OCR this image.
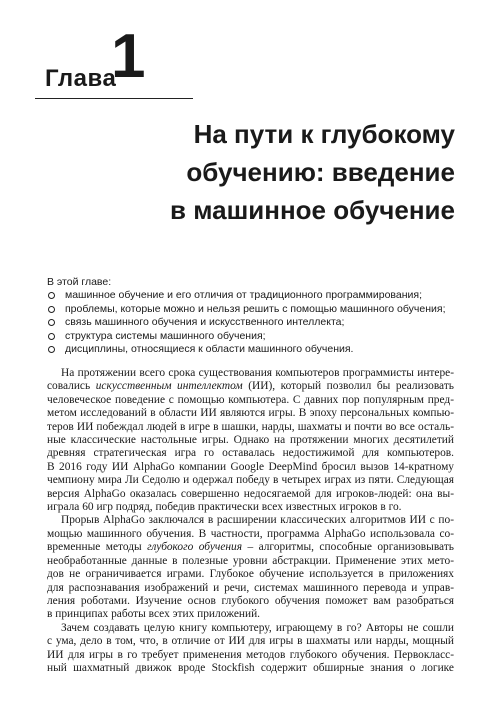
Глава
1
На пути к глубокому
обучению: введение
в машинное обучение
В этой главе:
машинное обучение и его отличия от традиционного программирования;
проблемы, которые можно и нельзя решить с помощью машинного обучения;
связь машинного обучения и искусственного интеллекта;
структура системы машинного обучения;
дисциплины, относящиеся к области машинного обучения.

На протяжении всего срока существования компьютеров программисты интере-
совались искусственным интеллектом (ИИ), который позволил бы реализовать
человеческое поведение с помощью компьютера. С давних пор популярным пред-
метом исследований в области ИИ являются игры. В эпоху персональных компью-
теров ИИ побеждал людей в игре в шашки, нарды, шахматы и почти во все осталь-
ные классические настольные игры. Однако на протяжении многих десятилетий
древняя стратегическая игра го оставалась недостижимой для компьютеров.
В 2016 году ИИ AlphaGo компании Google DeepMind бросил вызов 14-кратному
чемпиону мира Ли Седолю и одержал победу в четырех играх из пяти. Следующая
версия AlphaGo оказалась совершенно недосягаемой для игроков-людей: она вы-
играла 60 игр подряд, победив практически всех известных игроков в го.

Прорыв AlphaGo заключался в расширении классических алгоритмов ИИ с по-
мощью машинного обучения. В частности, программа AlphaGo использовала со-
временные методы глубокого обучения – алгоритмы, способные организовывать
необработанные данные в полезные уровни абстракции. Применение этих мето-
дов не ограничивается играми. Глубокое обучение используется в приложениях
для распознавания изображений и речи, системах машинного перевода и управ-
ления роботами. Изучение основ глубокого обучения поможет вам разобраться
в принципах работы всех этих приложений.

Зачем создавать целую книгу компьютеру, играющему в го? Авторы не сошли
с ума, дело в том, что, в отличие от ИИ для игры в шахматы или нарды, мощный
ИИ для игры в го требует применения методов глубокого обучения. Первокласс-
ный шахматный движок вроде Stockfish содержит обширные знания о логике
